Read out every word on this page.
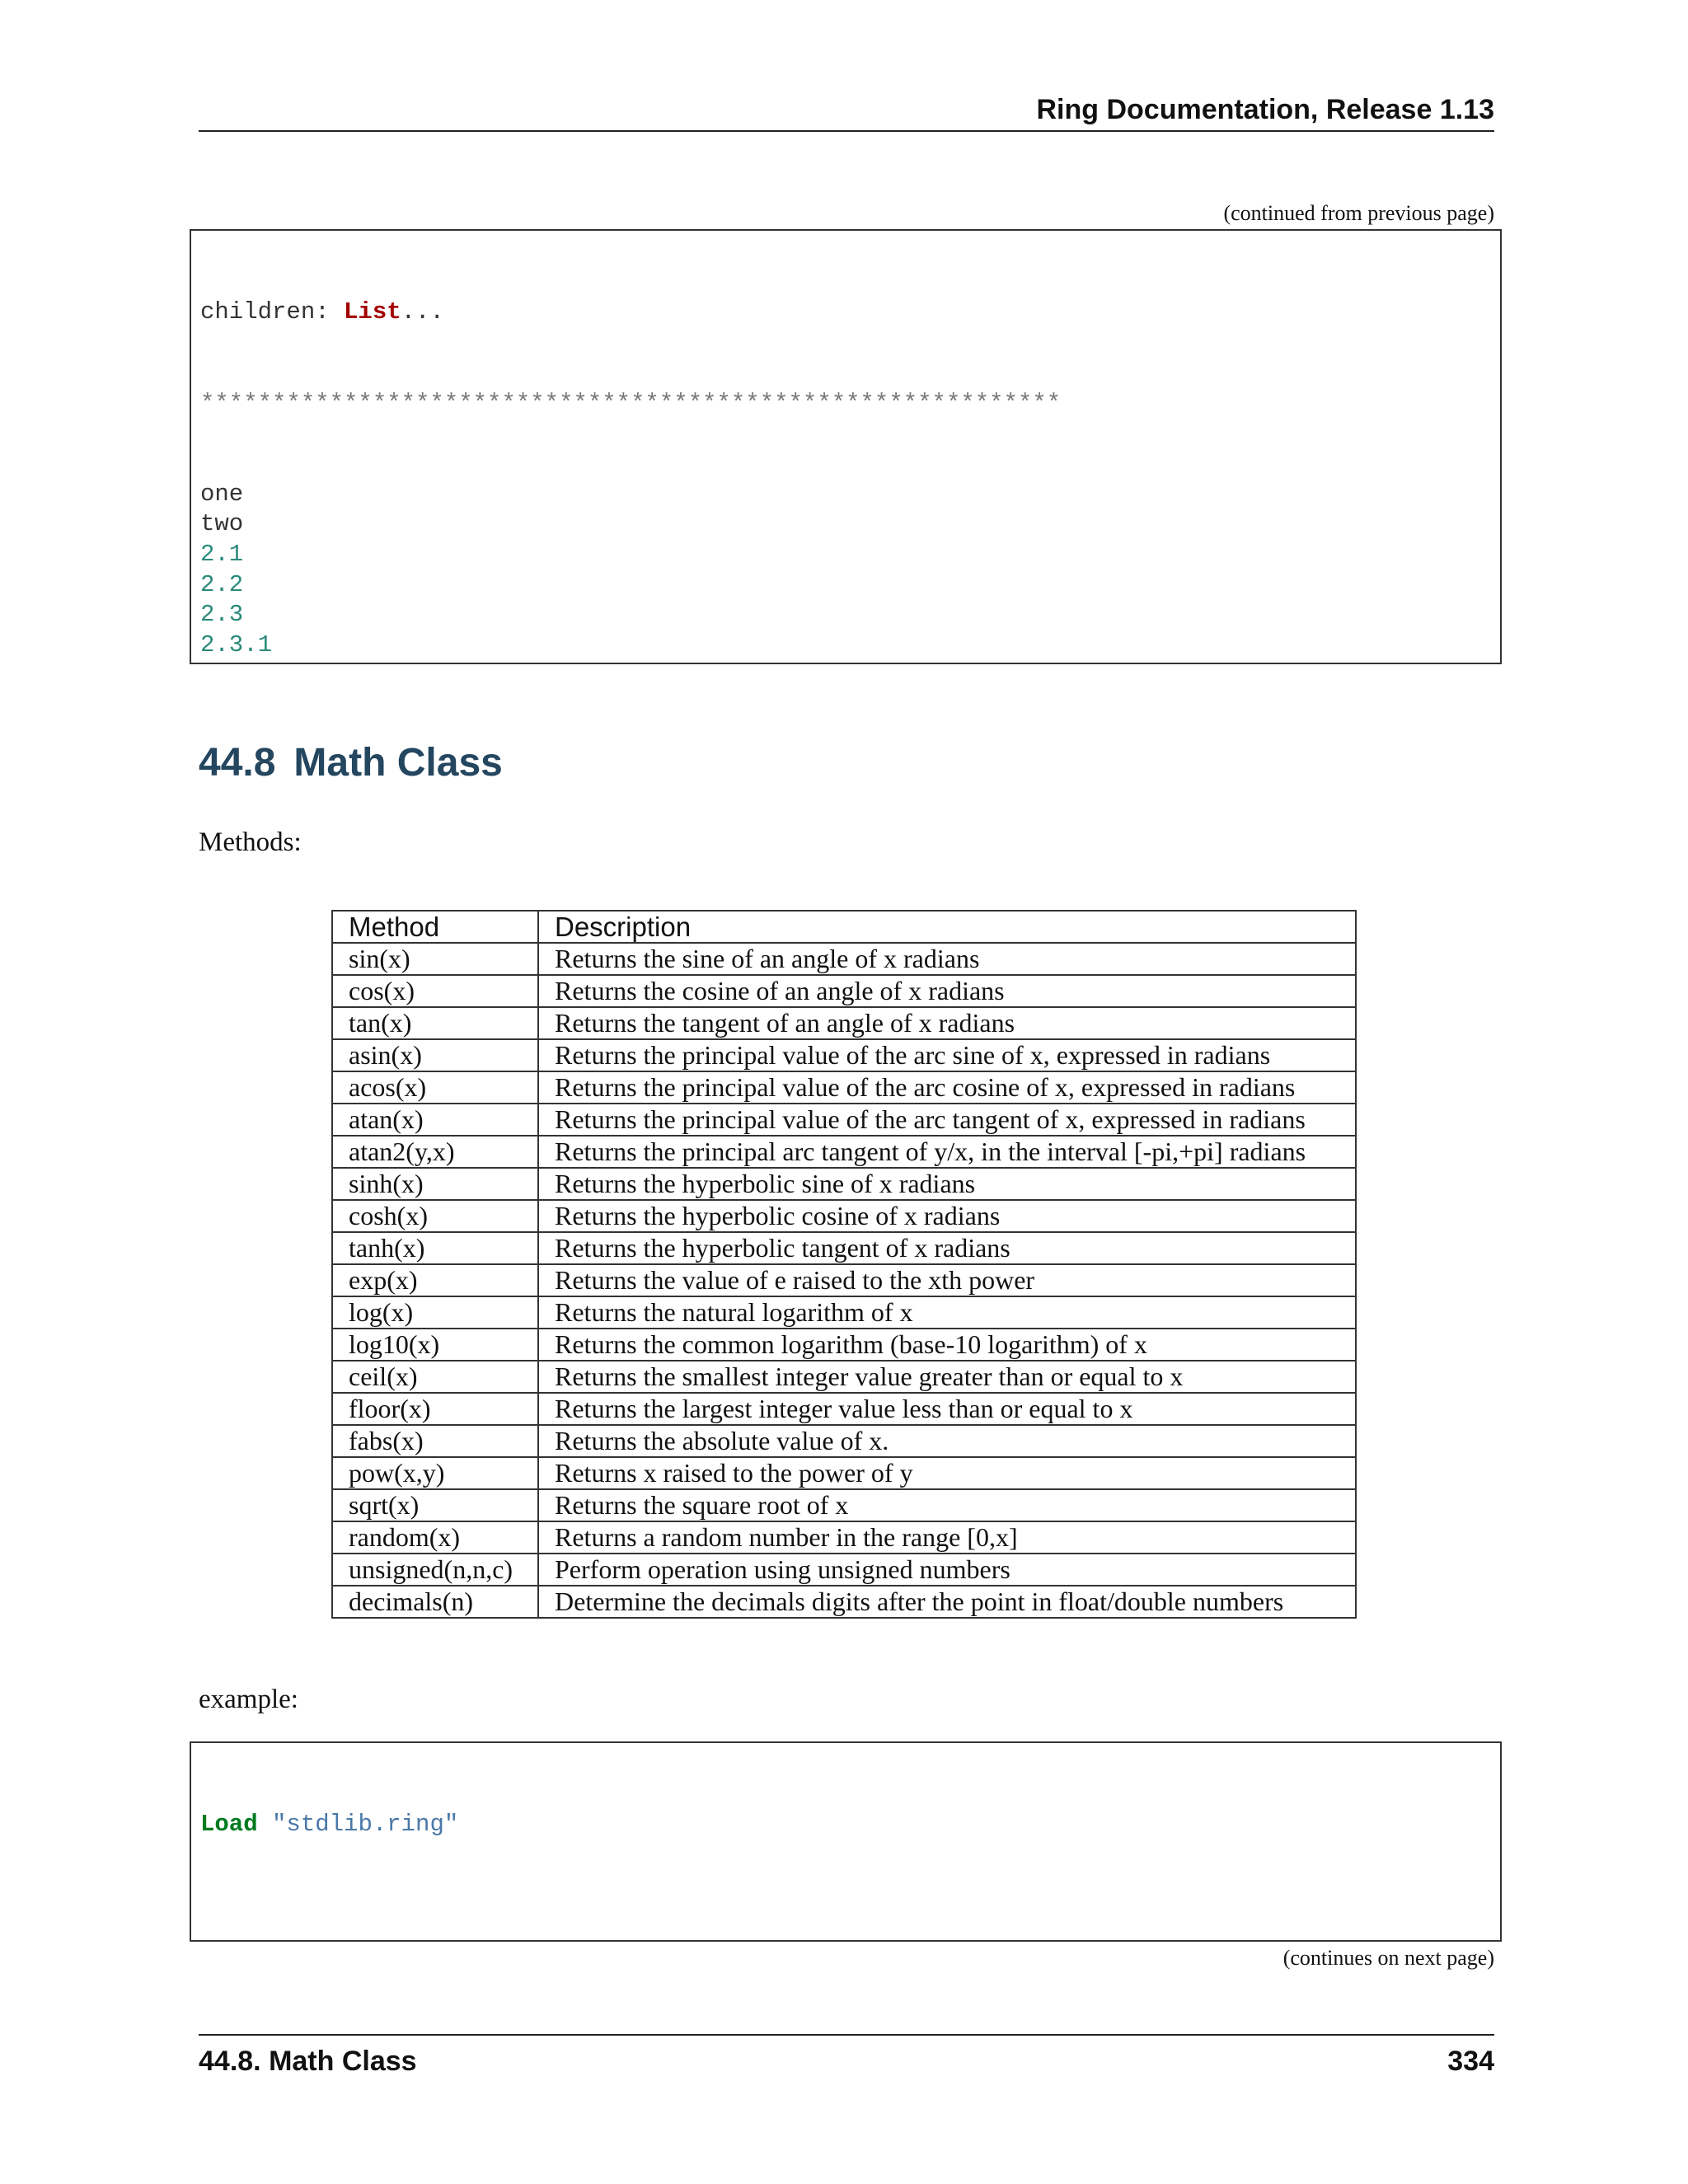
Ring Documentation, Release 1.13
(continued from previous page)

children: List...

************************************************************

one
two
2.1
2.2
2.3
2.3.1

44.8 Math Class
Methods:
Method	Description
sin(x)	Returns the sine of an angle of x radians
cos(x)	Returns the cosine of an angle of x radians
tan(x)	Returns the tangent of an angle of x radians
asin(x)	Returns the principal value of the arc sine of x, expressed in radians
acos(x)	Returns the principal value of the arc cosine of x, expressed in radians
atan(x)	Returns the principal value of the arc tangent of x, expressed in radians
atan2(y,x)	Returns the principal arc tangent of y/x, in the interval [-pi,+pi] radians
sinh(x)	Returns the hyperbolic sine of x radians
cosh(x)	Returns the hyperbolic cosine of x radians
tanh(x)	Returns the hyperbolic tangent of x radians
exp(x)	Returns the value of e raised to the xth power
log(x)	Returns the natural logarithm of x
log10(x)	Returns the common logarithm (base-10 logarithm) of x
ceil(x)	Returns the smallest integer value greater than or equal to x
floor(x)	Returns the largest integer value less than or equal to x
fabs(x)	Returns the absolute value of x.
pow(x,y)	Returns x raised to the power of y
sqrt(x)	Returns the square root of x
random(x)	Returns a random number in the range [0,x]
unsigned(n,n,c)	Perform operation using unsigned numbers
decimals(n)	Determine the decimals digits after the point in float/double numbers
example:

Load "stdlib.ring"

(continues on next page)
44.8. Math Class	334
